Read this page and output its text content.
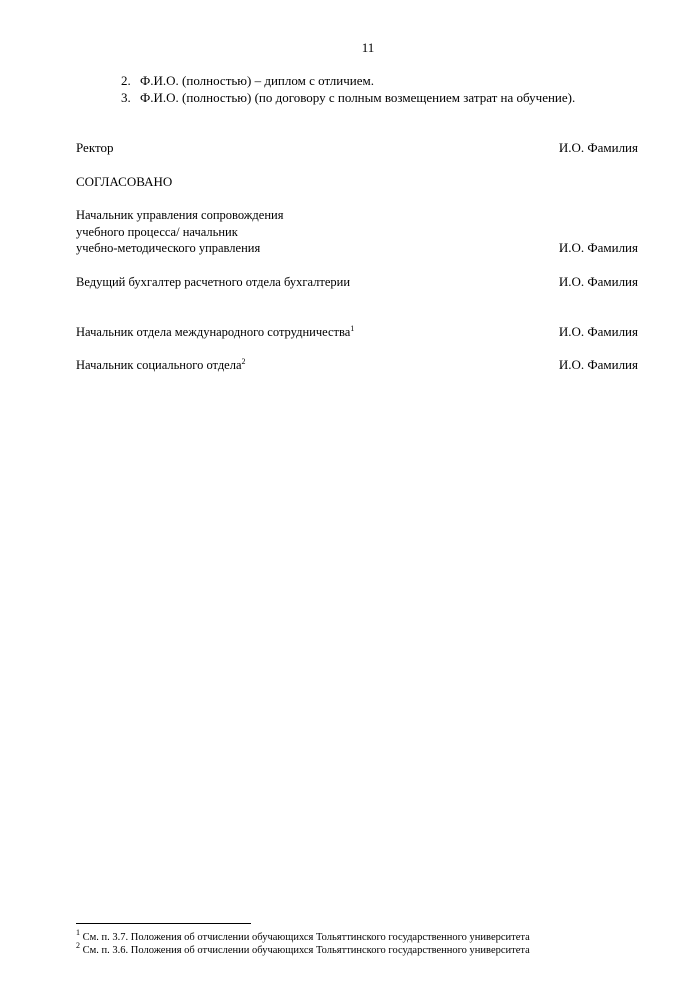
11
2. Ф.И.О. (полностью) – диплом с отличием.
3. Ф.И.О. (полностью) (по договору с полным возмещением затрат на обучение).
Ректор	И.О. Фамилия
СОГЛАСОВАНО
Начальник управления сопровождения
учебного процесса/ начальник
учебно-методического управления	И.О. Фамилия
Ведущий бухгалтер расчетного отдела бухгалтерии	И.О. Фамилия
Начальник отдела международного сотрудничества$^1$	И.О. Фамилия
Начальник социального отдела$^2$	И.О. Фамилия
$^1$ См. п. 3.7. Положения об отчислении обучающихся Тольяттинского государственного университета
$^2$ См. п. 3.6. Положения об отчислении обучающихся Тольяттинского государственного университета
